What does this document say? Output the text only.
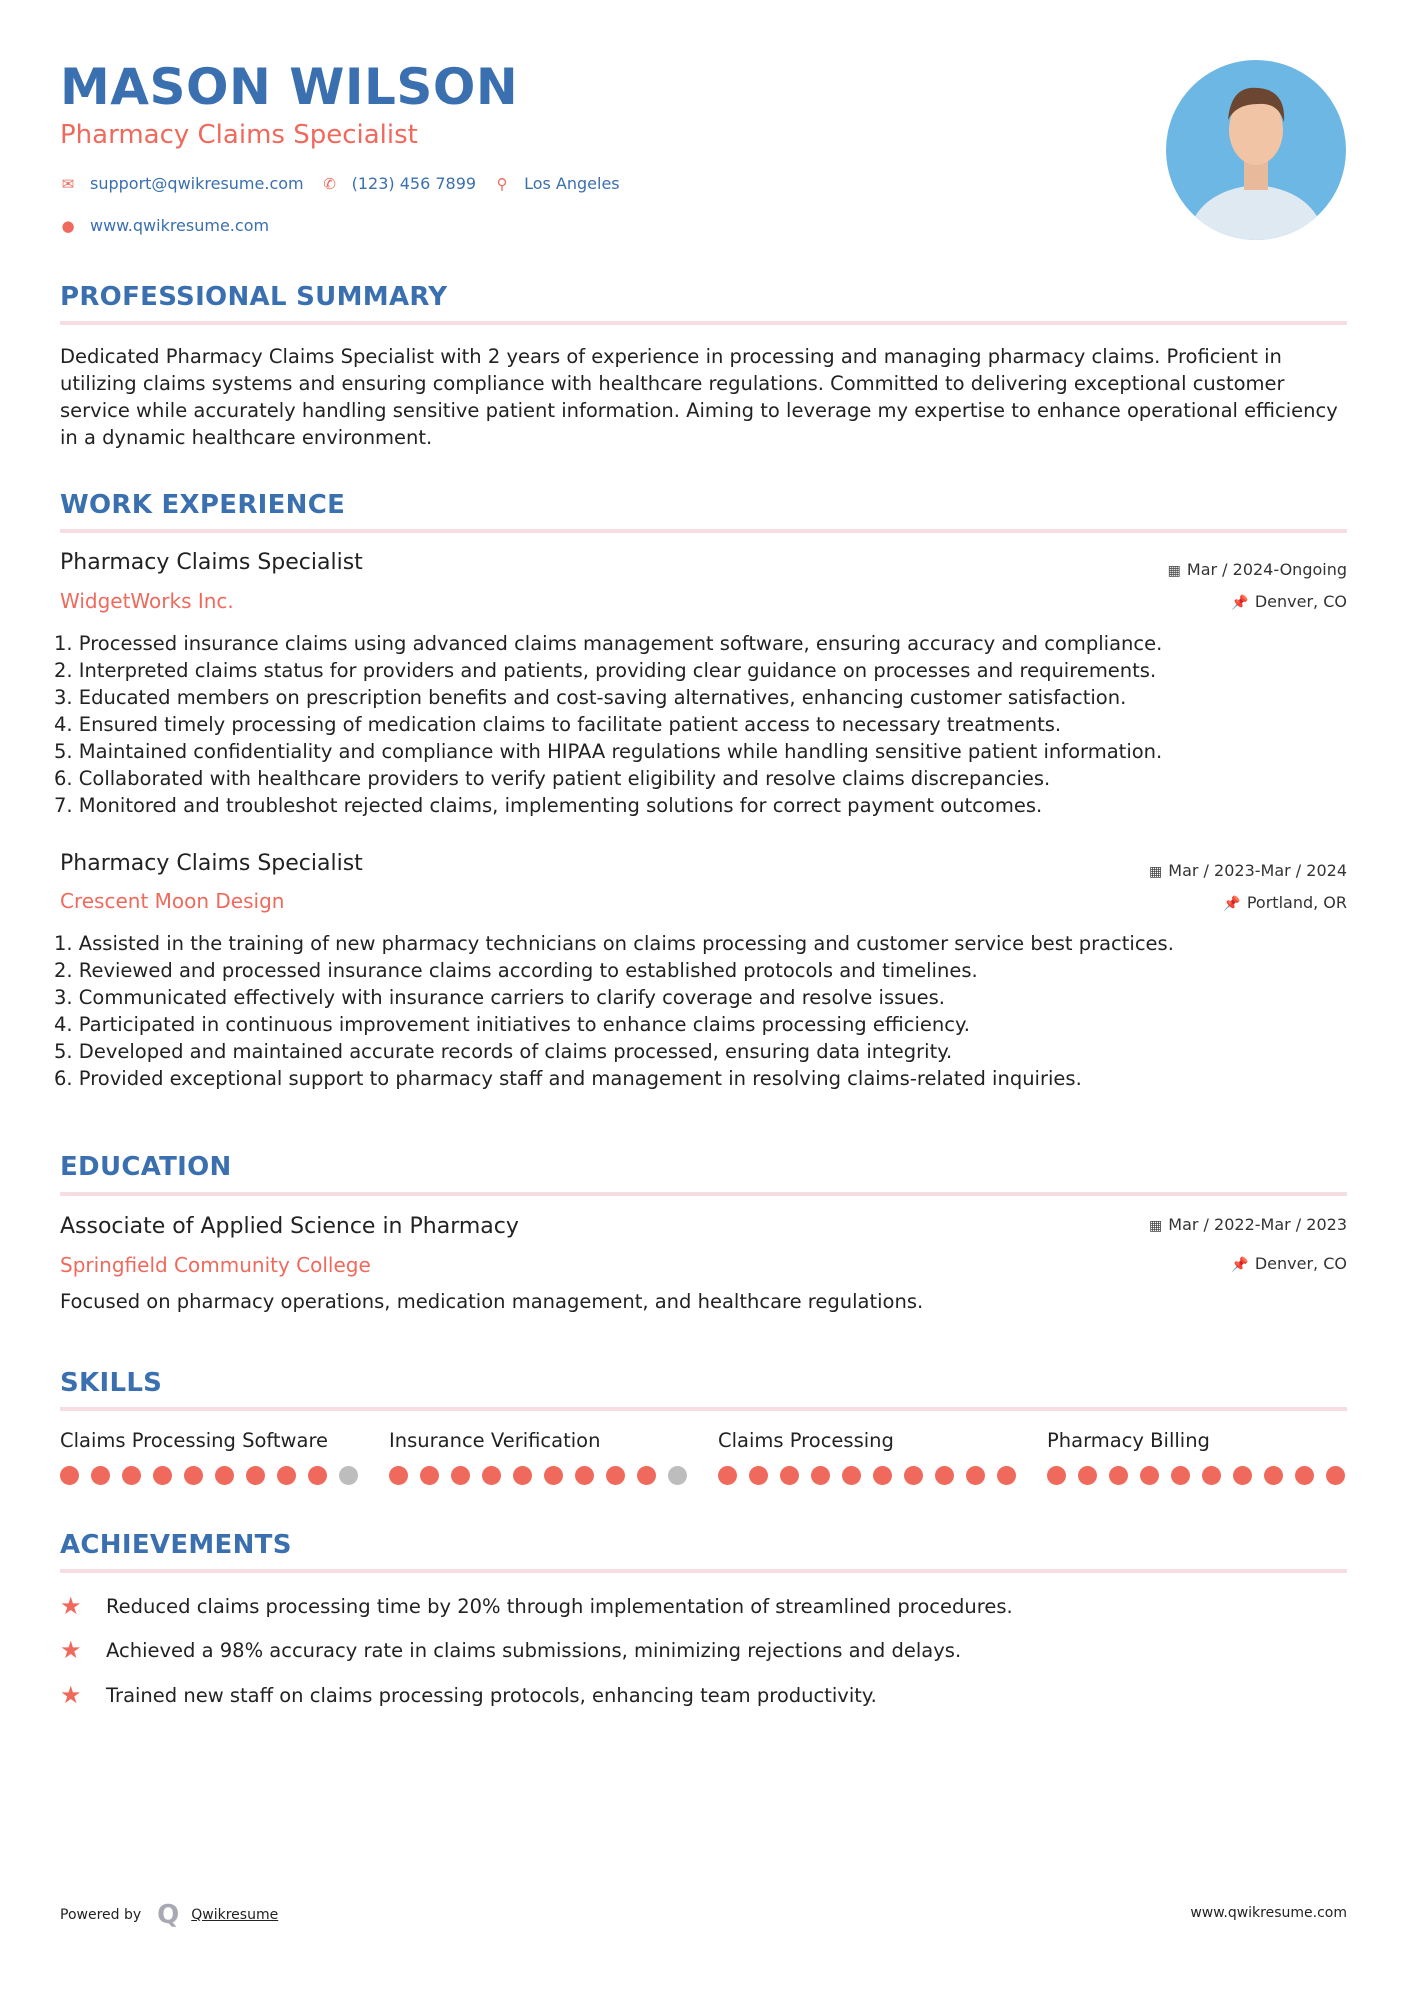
MASON WILSON
Pharmacy Claims Specialist
✉ support@qwikresume.com ✆ (123) 456 7899 ⚲ Los Angeles
● www.qwikresume.com
PROFESSIONAL SUMMARY

Dedicated Pharmacy Claims Specialist with 2 years of experience in processing and managing pharmacy claims. Proficient in utilizing claims systems and ensuring compliance with healthcare regulations. Committed to delivering exceptional customer service while accurately handling sensitive patient information. Aiming to leverage my expertise to enhance operational efficiency in a dynamic healthcare environment.

WORK EXPERIENCE
Pharmacy Claims Specialist
WidgetWorks Inc.
▦ Mar / 2024-Ongoing
📌 Denver, CO
1. Processed insurance claims using advanced claims management software, ensuring accuracy and compliance.
2. Interpreted claims status for providers and patients, providing clear guidance on processes and requirements.
3. Educated members on prescription benefits and cost-saving alternatives, enhancing customer satisfaction.
4. Ensured timely processing of medication claims to facilitate patient access to necessary treatments.
5. Maintained confidentiality and compliance with HIPAA regulations while handling sensitive patient information.
6. Collaborated with healthcare providers to verify patient eligibility and resolve claims discrepancies.
7. Monitored and troubleshot rejected claims, implementing solutions for correct payment outcomes.
Pharmacy Claims Specialist
Crescent Moon Design
▦ Mar / 2023-Mar / 2024
📌 Portland, OR
1. Assisted in the training of new pharmacy technicians on claims processing and customer service best practices.
2. Reviewed and processed insurance claims according to established protocols and timelines.
3. Communicated effectively with insurance carriers to clarify coverage and resolve issues.
4. Participated in continuous improvement initiatives to enhance claims processing efficiency.
5. Developed and maintained accurate records of claims processed, ensuring data integrity.
6. Provided exceptional support to pharmacy staff and management in resolving claims-related inquiries.
EDUCATION
Associate of Applied Science in Pharmacy
Springfield Community College
▦ Mar / 2022-Mar / 2023
📌 Denver, CO
Focused on pharmacy operations, medication management, and healthcare regulations.
SKILLS
Claims Processing Software	Insurance Verification	Claims Processing	Pharmacy Billing
ACHIEVEMENTS
★	Reduced claims processing time by 20% through implementation of streamlined procedures.
★	Achieved a 98% accuracy rate in claims submissions, minimizing rejections and delays.
★	Trained new staff on claims processing protocols, enhancing team productivity.
Powered by Q Qwikresume	www.qwikresume.com
